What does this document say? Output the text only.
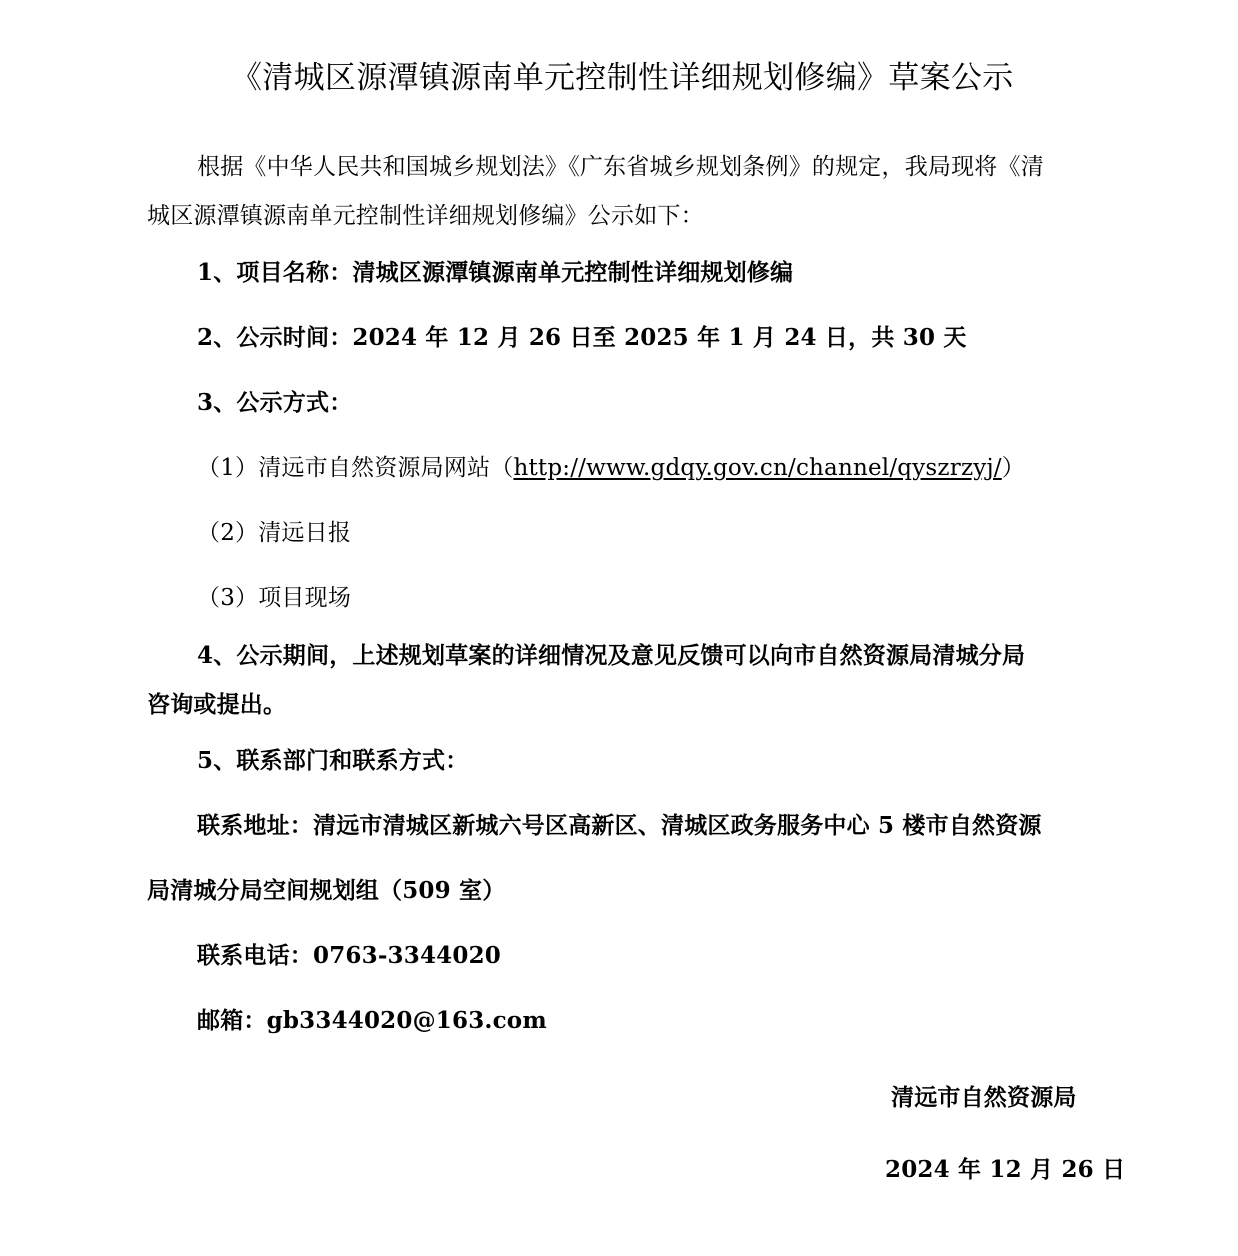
《清城区源潭镇源南单元控制性详细规划修编》草案公示
根据《中华人民共和国城乡规划法》《广东省城乡规划条例》的规定，我局现将《清
城区源潭镇源南单元控制性详细规划修编》公示如下：
1、项目名称：清城区源潭镇源南单元控制性详细规划修编
2、公示时间：2024 年 12 月 26 日至 2025 年 1 月 24 日，共 30 天
3、公示方式：
（1）清远市自然资源局网站（http://www.gdqy.gov.cn/channel/qyszrzyj/）
（2）清远日报
（3）项目现场
4、公示期间，上述规划草案的详细情况及意见反馈可以向市自然资源局清城分局
咨询或提出。
5、联系部门和联系方式：
联系地址：清远市清城区新城六号区高新区、清城区政务服务中心 5 楼市自然资源
局清城分局空间规划组（509 室）
联系电话：0763-3344020
邮箱：gb3344020@163.com
清远市自然资源局
2024 年 12 月 26 日
